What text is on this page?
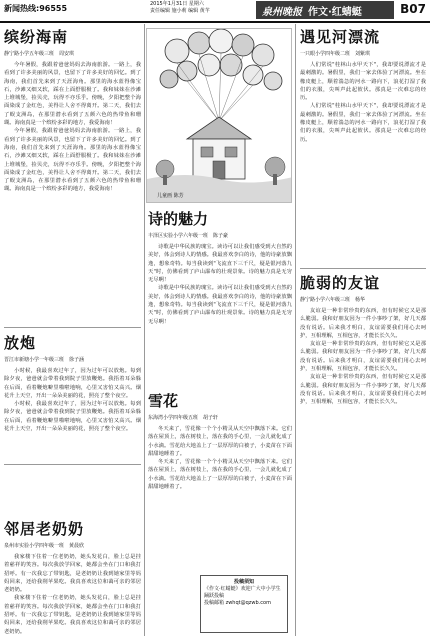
新闻热线:96555	2015年1月31日 星期六
责任编辑 施小莉 编辑 黄芊	泉州晚报 作文·红蜻蜓	B07
缤纷海南
静宁路小学五年级三班　周安琪

今年暑假，我跟着爸爸妈妈去海南旅游。一路上，我看到了许多美丽的风景，也留下了许多美好的回忆。到了海南，我们首先来到了天涯海角。那里的海水蓝得像宝石，沙滩又细又软，踩在上面舒服极了。我和妹妹在沙滩上堆城堡，捡贝壳，玩得不亦乐乎。傍晚，夕阳把整个海面染成了金红色，美得让人舍不得离开。第二天，我们去了蜈支洲岛，在那里潜水看到了五颜六色的热带鱼和珊瑚。海南真是一个缤纷多彩的地方，我爱海南！

今年暑假，我跟着爸爸妈妈去海南旅游。一路上，我看到了许多美丽的风景，也留下了许多美好的回忆。到了海南，我们首先来到了天涯海角。那里的海水蓝得像宝石，沙滩又细又软，踩在上面舒服极了。我和妹妹在沙滩上堆城堡，捡贝壳，玩得不亦乐乎。傍晚，夕阳把整个海面染成了金红色，美得让人舍不得离开。第二天，我们去了蜈支洲岛，在那里潜水看到了五颜六色的热带鱼和珊瑚。海南真是一个缤纷多彩的地方，我爱海南！

放炮
晋江市新塘小学一年级三班　徐子涵

小时候，我最喜欢过年了，因为过年可以放炮。每到除夕夜，爸爸就会带着我到院子里放鞭炮。我捂着耳朵躲在后面，看着鞭炮噼里啪啦地响，心里又害怕又高兴。烟花升上天空，开出一朵朵美丽的花，照亮了整个夜空。

小时候，我最喜欢过年了，因为过年可以放炮。每到除夕夜，爸爸就会带着我到院子里放鞭炮。我捂着耳朵躲在后面，看着鞭炮噼里啪啦地响，心里又害怕又高兴。烟花升上天空，开出一朵朵美丽的花，照亮了整个夜空。

邻居老奶奶
泉州市实验小学四年级一班　黄晨欣

我家楼下住着一位老奶奶，她头发花白，脸上总是挂着慈祥的笑容。每次我放学回家，她都会坐在门口和我打招呼。有一次我忘了带钥匙，是老奶奶让我到她家里等妈妈回来，还给我削苹果吃。我真喜欢这位和蔼可亲的邻居老奶奶。

我家楼下住着一位老奶奶，她头发花白，脸上总是挂着慈祥的笑容。每次我放学回家，她都会坐在门口和我打招呼。有一次我忘了带钥匙，是老奶奶让我到她家里等妈妈回来，还给我削苹果吃。我真喜欢这位和蔼可亲的邻居老奶奶。

儿童画 陈芳
诗的魅力
丰泽区实验小学六年级一班　陈子豪

诗歌是中华民族的瑰宝。读诗可以让我们感受到大自然的美好，体会到诗人的情感。我最喜欢李白的诗，他的诗豪放飘逸，想象奇特。每当我读到"飞流直下三千尺，疑是银河落九天"时，仿佛看到了庐山瀑布的壮观景象。诗的魅力真是无穷无尽啊！

诗歌是中华民族的瑰宝。读诗可以让我们感受到大自然的美好，体会到诗人的情感。我最喜欢李白的诗，他的诗豪放飘逸，想象奇特。每当我读到"飞流直下三千尺，疑是银河落九天"时，仿佛看到了庐山瀑布的壮观景象。诗的魅力真是无穷无尽啊！

雪花
东海湾小学四年级五班　胡子轩

冬天来了，雪花像一个个小精灵从天空中飘落下来。它们落在屋顶上，落在树枝上，落在我的手心里，一会儿就化成了小水滴。雪花给大地盖上了一层厚厚的白被子，小麦苗在下面甜甜地睡着了。

冬天来了，雪花像一个个小精灵从天空中飘落下来。它们落在屋顶上，落在树枝上，落在我的手心里，一会儿就化成了小水滴。雪花给大地盖上了一层厚厚的白被子，小麦苗在下面甜甜地睡着了。

投稿须知
《作文·红蜻蜓》欢迎广大中小学生踊跃投稿
投稿邮箱 zwhqt@qzwb.com
遇见河漂流
一只眼小学四年级二班　刘紫琪

人们常说"桂林山水甲天下"，我却要说漂流才是最刺激的。暑假里，我们一家去体验了河漂流。坐在橡皮艇上，顺着湍急的河水一路向下，浪花打湿了我们的衣服，尖叫声此起彼伏。那真是一次难忘的经历。

人们常说"桂林山水甲天下"，我却要说漂流才是最刺激的。暑假里，我们一家去体验了河漂流。坐在橡皮艇上，顺着湍急的河水一路向下，浪花打湿了我们的衣服，尖叫声此起彼伏。那真是一次难忘的经历。

脆弱的友谊
静宁路小学六年级三班　杨华

友谊是一种非常珍贵的东西，但有时候它又是那么脆弱。我和好朋友因为一件小事吵了架，好几天都没有说话。后来我才明白，友谊需要我们用心去呵护，互相理解，互相包容，才能长长久久。

友谊是一种非常珍贵的东西，但有时候它又是那么脆弱。我和好朋友因为一件小事吵了架，好几天都没有说话。后来我才明白，友谊需要我们用心去呵护，互相理解，互相包容，才能长长久久。

友谊是一种非常珍贵的东西，但有时候它又是那么脆弱。我和好朋友因为一件小事吵了架，好几天都没有说话。后来我才明白，友谊需要我们用心去呵护，互相理解，互相包容，才能长长久久。
